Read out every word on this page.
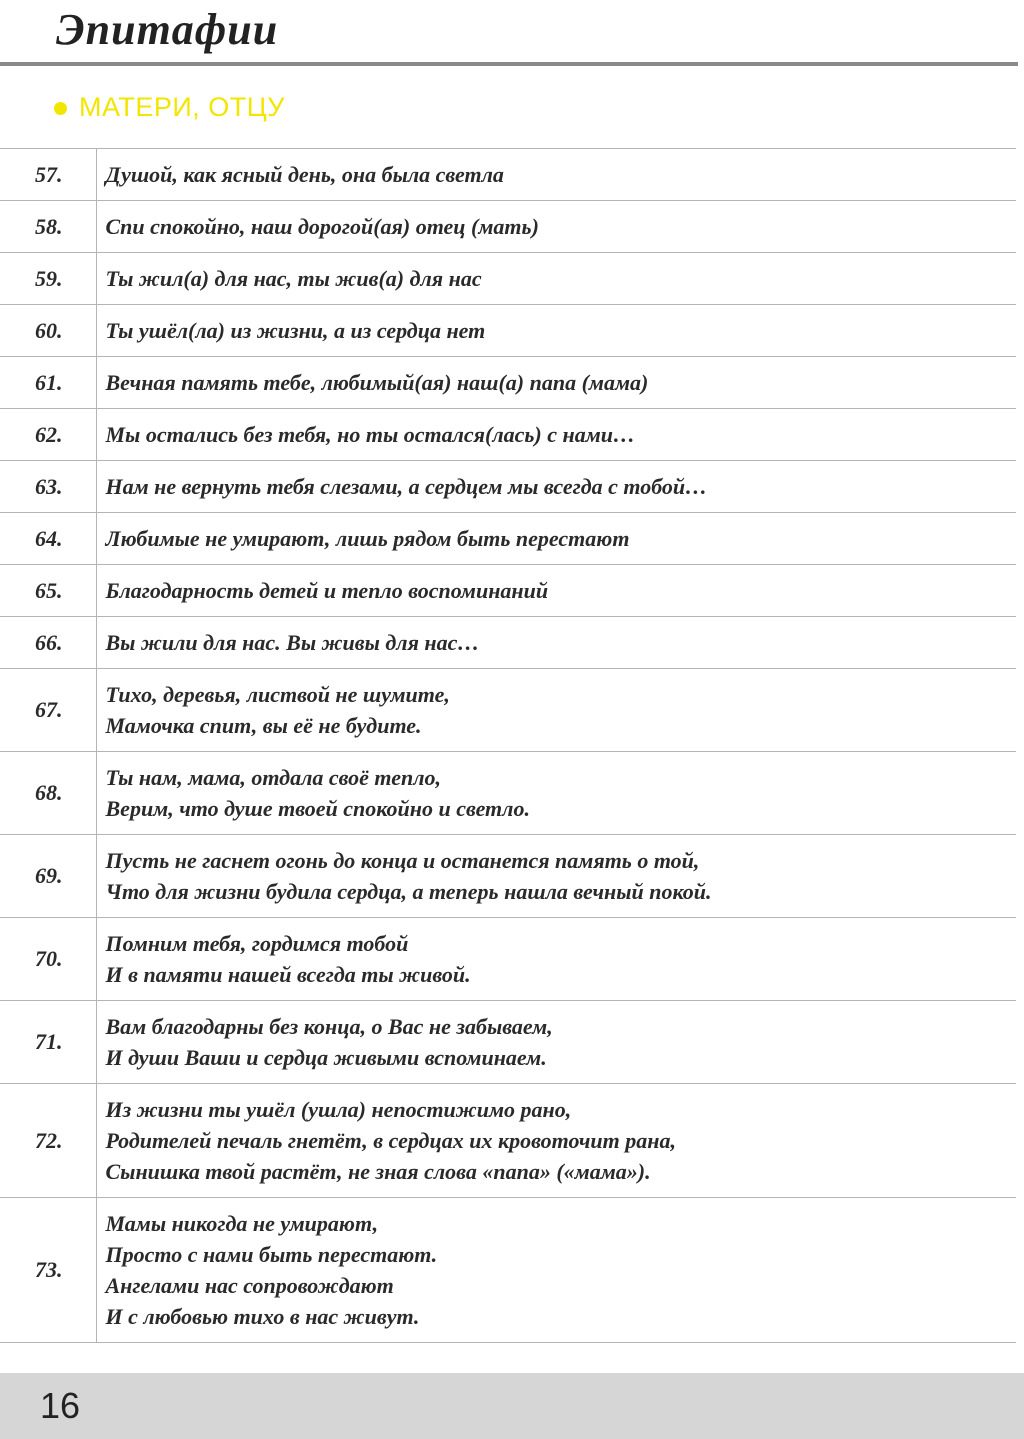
Эпитафии
МАТЕРИ, ОТЦУ
57.	Душой, как ясный день, она была светла

58.	Спи спокойно, наш дорогой(ая) отец (мать)

59.	Ты жил(а) для нас, ты жив(а) для нас

60.	Ты ушёл(ла) из жизни, а из сердца нет

61.	Вечная память тебе, любимый(ая) наш(а) папа (мама)

62.	Мы остались без тебя, но ты остался(лась) с нами…

63.	Нам не вернуть тебя слезами, а сердцем мы всегда с тобой…

64.	Любимые не умирают, лишь рядом быть перестают

65.	Благодарность детей и тепло воспоминаний

66.	Вы жили для нас. Вы живы для нас…

67.	Тихо, деревья, листвой не шумите,
Мамочка спит, вы её не будите.

68.	Ты нам, мама, отдала своё тепло,
Верим, что душе твоей спокойно и светло.

69.	Пусть не гаснет огонь до конца и останется память о той,
Что для жизни будила сердца, а теперь нашла вечный покой.

70.	Помним тебя, гордимся тобой
И в памяти нашей всегда ты живой.

71.	Вам благодарны без конца, о Вас не забываем,
И души Ваши и сердца живыми вспоминаем.

72.	Из жизни ты ушёл (ушла) непостижимо рано,
Родителей печаль гнетёт, в сердцах их кровоточит рана,
Сынишка твой растёт, не зная слова «папа» («мама»).

73.	Мамы никогда не умирают,
Просто с нами быть перестают.
Ангелами нас сопровождают
И с любовью тихо в нас живут.
16
